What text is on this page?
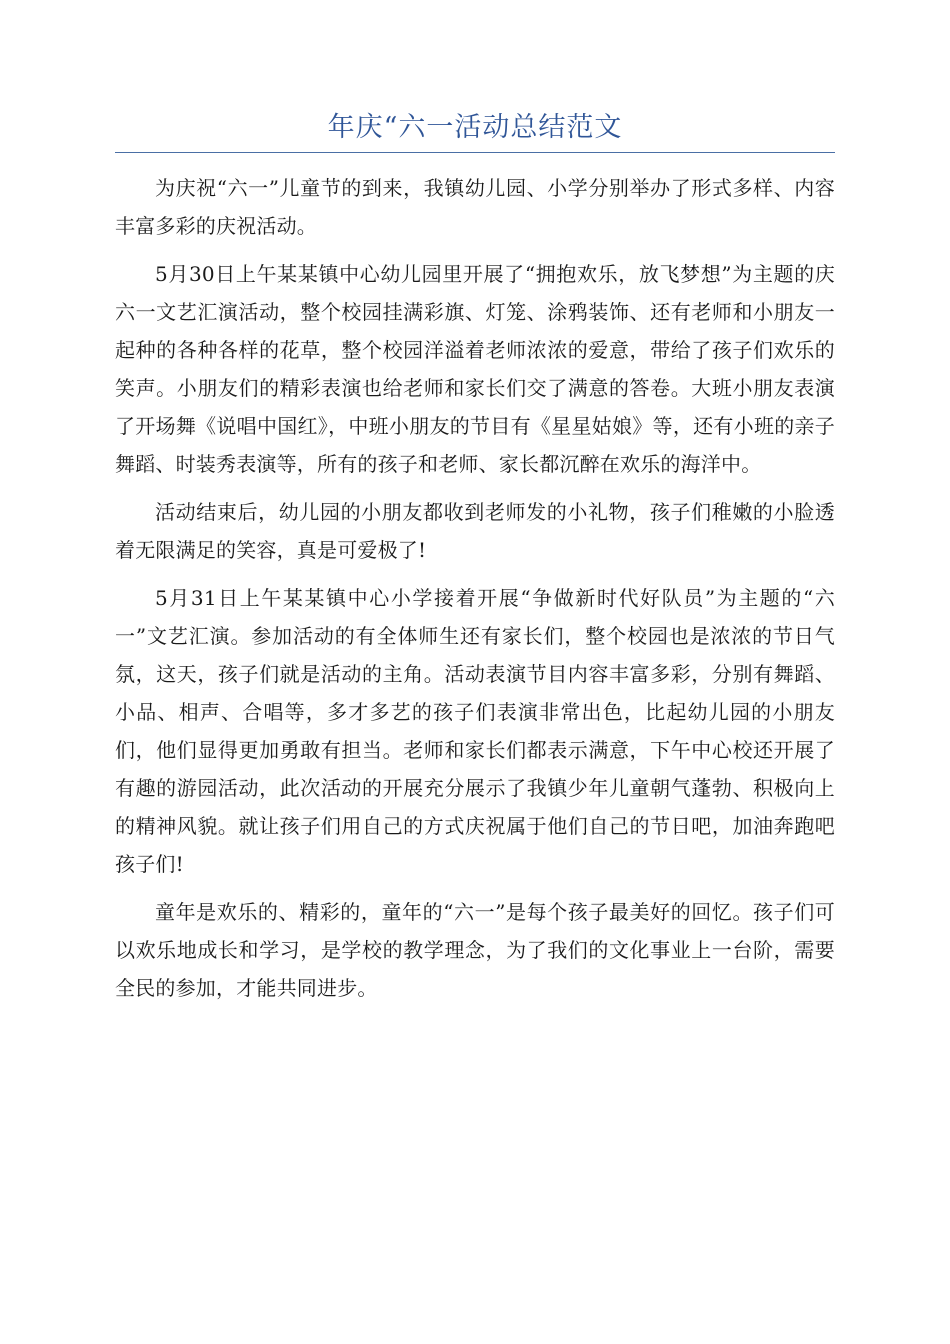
年庆“六一活动总结范文

为庆祝“六一”儿童节的到来，我镇幼儿园、小学分别举办了形式多样、内容丰富多彩的庆祝活动。

5月30日上午某某镇中心幼儿园里开展了“拥抱欢乐，放飞梦想”为主题的庆六一文艺汇演活动，整个校园挂满彩旗、灯笼、涂鸦装饰、还有老师和小朋友一起种的各种各样的花草，整个校园洋溢着老师浓浓的爱意，带给了孩子们欢乐的笑声。小朋友们的精彩表演也给老师和家长们交了满意的答卷。大班小朋友表演了开场舞《说唱中国红》，中班小朋友的节目有《星星姑娘》等，还有小班的亲子舞蹈、时装秀表演等，所有的孩子和老师、家长都沉醉在欢乐的海洋中。

活动结束后，幼儿园的小朋友都收到老师发的小礼物，孩子们稚嫩的小脸透着无限满足的笑容，真是可爱极了!

5月31日上午某某镇中心小学接着开展“争做新时代好队员”为主题的“六一”文艺汇演。参加活动的有全体师生还有家长们，整个校园也是浓浓的节日气氛，这天，孩子们就是活动的主角。活动表演节目内容丰富多彩，分别有舞蹈、小品、相声、合唱等，多才多艺的孩子们表演非常出色，比起幼儿园的小朋友们，他们显得更加勇敢有担当。老师和家长们都表示满意，下午中心校还开展了有趣的游园活动，此次活动的开展充分展示了我镇少年儿童朝气蓬勃、积极向上的精神风貌。就让孩子们用自己的方式庆祝属于他们自己的节日吧，加油奔跑吧孩子们!

童年是欢乐的、精彩的，童年的“六一”是每个孩子最美好的回忆。孩子们可以欢乐地成长和学习，是学校的教学理念，为了我们的文化事业上一台阶，需要全民的参加，才能共同进步。
